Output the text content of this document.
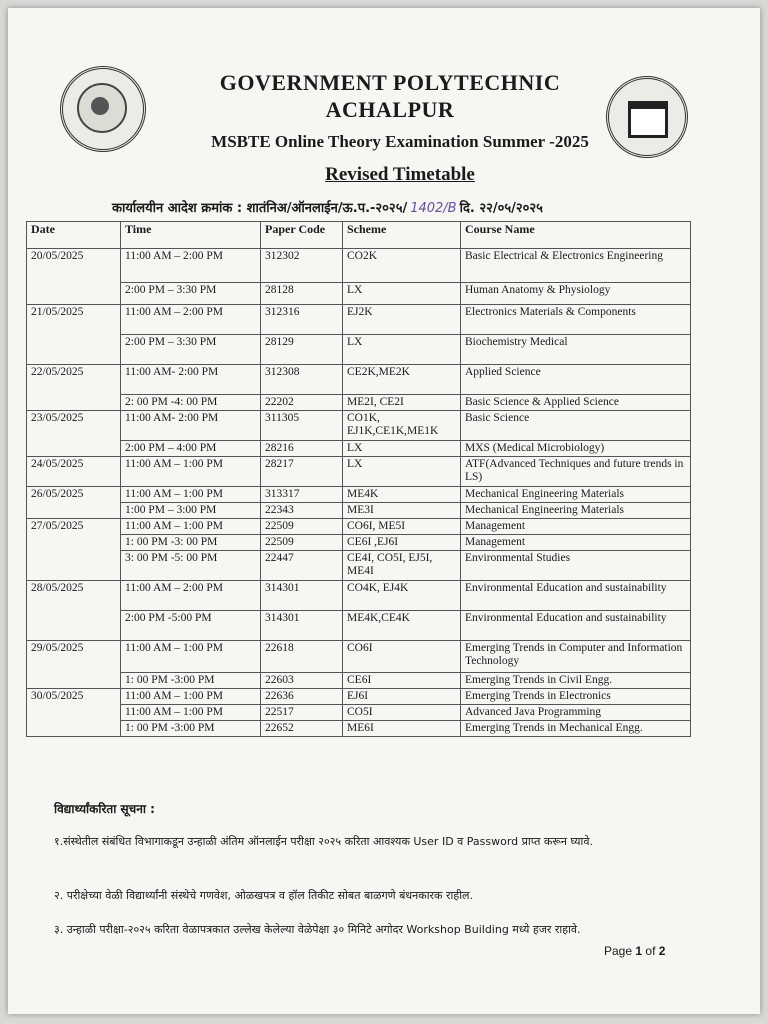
GOVERNMENT POLYTECHNIC
ACHALPUR
MSBTE Online Theory Examination Summer -2025
Revised Timetable
कार्यालयीन आदेश क्रमांक : शातंनिअ/ऑनलाईन/ऊ.प.-२०२५/ 1402/B दि. २२/०५/२०२५
Date	Time	Paper Code	Scheme	Course Name
20/05/2025	11:00 AM – 2:00 PM	312302	CO2K	Basic Electrical & Electronics Engineering
	2:00 PM – 3:30 PM	28128	LX	Human Anatomy & Physiology
21/05/2025	11:00 AM – 2:00 PM	312316	EJ2K	Electronics Materials & Components
	2:00 PM – 3:30 PM	28129	LX	Biochemistry Medical
22/05/2025	11:00 AM- 2:00 PM	312308	CE2K,ME2K	Applied Science
	2: 00 PM -4: 00 PM	22202	ME2I, CE2I	Basic Science & Applied Science
23/05/2025	11:00 AM- 2:00 PM	311305	CO1K, EJ1K,CE1K,ME1K	Basic Science
	2:00 PM – 4:00 PM	28216	LX	MXS (Medical Microbiology)
24/05/2025	11:00 AM – 1:00 PM	28217	LX	ATF(Advanced Techniques and future trends in LS)
26/05/2025	11:00 AM – 1:00 PM	313317	ME4K	Mechanical Engineering Materials
	1:00 PM – 3:00 PM	22343	ME3I	Mechanical Engineering Materials
27/05/2025	11:00 AM – 1:00 PM	22509	CO6I, ME5I	Management
	1: 00 PM -3: 00 PM	22509	CE6I ,EJ6I	Management
	3: 00 PM -5: 00 PM	22447	CE4I, CO5I, EJ5I, ME4I	Environmental Studies
28/05/2025	11:00 AM – 2:00 PM	314301	CO4K, EJ4K	Environmental Education and sustainability
	2:00 PM -5:00 PM	314301	ME4K,CE4K	Environmental Education and sustainability
29/05/2025	11:00 AM – 1:00 PM	22618	CO6I	Emerging Trends in Computer and Information Technology
	1: 00 PM -3:00 PM	22603	CE6I	Emerging Trends in Civil Engg.
30/05/2025	11:00 AM – 1:00 PM	22636	EJ6I	Emerging Trends in Electronics
	11:00 AM – 1:00 PM	22517	CO5I	Advanced Java Programming
	1: 00 PM -3:00 PM	22652	ME6I	Emerging Trends in Mechanical Engg.
विद्यार्थ्यांकरिता सूचना :
१.संस्थेतील संबंधित विभागाकडून उन्हाळी अंतिम ऑनलाईन परीक्षा २०२५ करिता आवश्यक User ID व Password प्राप्त करून घ्यावे.
२. परीक्षेच्या वेळी विद्यार्थ्यांनी संस्थेचे गणवेश, ओळखपत्र व हॉल तिकीट सोबत बाळगणे बंधनकारक राहील.
३. उन्हाळी परीक्षा-२०२५ करिता वेळापत्रकात उल्लेख केलेल्या वेळेपेक्षा ३० मिनिटे अगोदर Workshop Building मध्ये हजर राहावे.
Page 1 of 2
